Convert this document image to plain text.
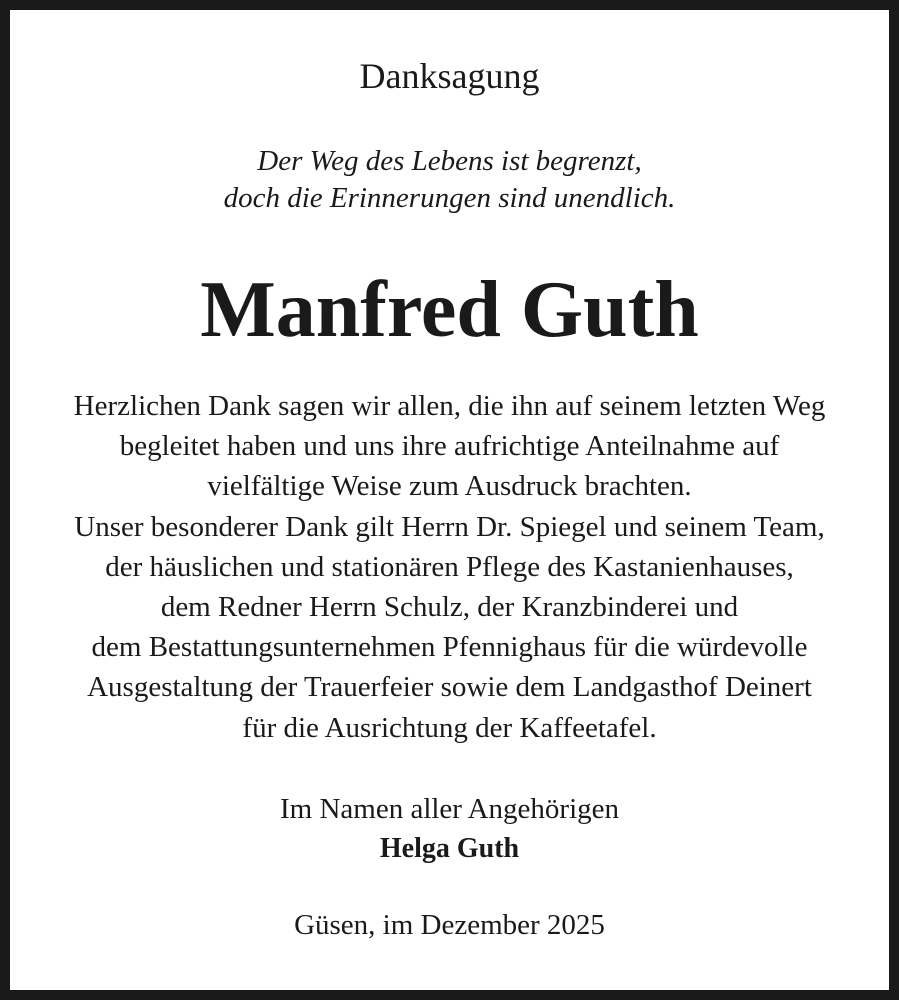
Danksagung
Der Weg des Lebens ist begrenzt,
doch die Erinnerungen sind unendlich.
Manfred Guth
Herzlichen Dank sagen wir allen, die ihn auf seinem letzten Weg
begleitet haben und uns ihre aufrichtige Anteilnahme auf
vielfältige Weise zum Ausdruck brachten.
Unser besonderer Dank gilt Herrn Dr. Spiegel und seinem Team,
der häuslichen und stationären Pflege des Kastanienhauses,
dem Redner Herrn Schulz, der Kranzbinderei und
dem Bestattungsunternehmen Pfennighaus für die würdevolle
Ausgestaltung der Trauerfeier sowie dem Landgasthof Deinert
für die Ausrichtung der Kaffeetafel.
Im Namen aller Angehörigen
Helga Guth
Güsen, im Dezember 2025
